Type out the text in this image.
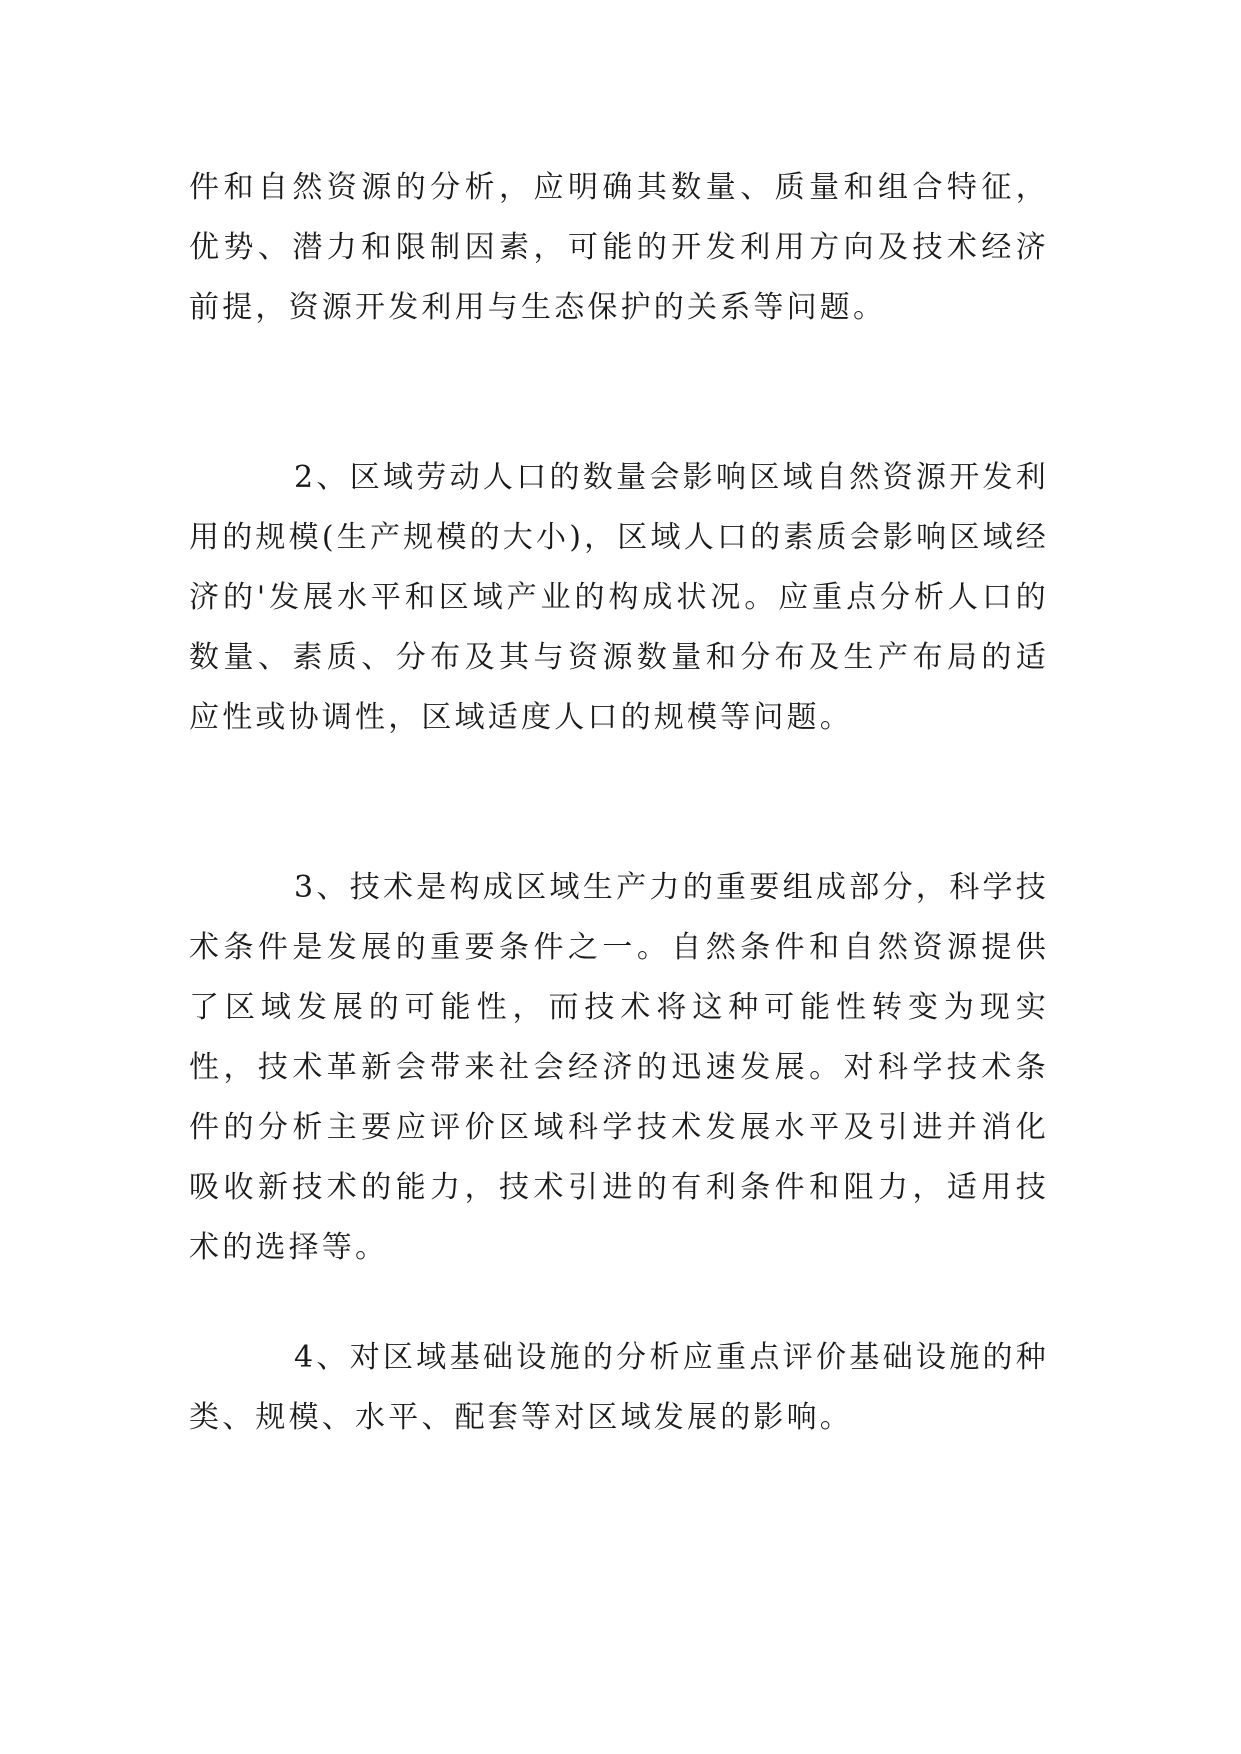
件和自然资源的分析，应明确其数量、质量和组合特征，优势、潜力和限制因素，可能的开发利用方向及技术经济前提，资源开发利用与生态保护的关系等问题。

2、区域劳动人口的数量会影响区域自然资源开发利用的规模(生产规模的大小)，区域人口的素质会影响区域经济的'发展水平和区域产业的构成状况。应重点分析人口的数量、素质、分布及其与资源数量和分布及生产布局的适应性或协调性，区域适度人口的规模等问题。

3、技术是构成区域生产力的重要组成部分，科学技术条件是发展的重要条件之一。自然条件和自然资源提供了区域发展的可能性，而技术将这种可能性转变为现实性，技术革新会带来社会经济的迅速发展。对科学技术条件的分析主要应评价区域科学技术发展水平及引进并消化吸收新技术的能力，技术引进的有利条件和阻力，适用技术的选择等。

4、对区域基础设施的分析应重点评价基础设施的种类、规模、水平、配套等对区域发展的影响。
